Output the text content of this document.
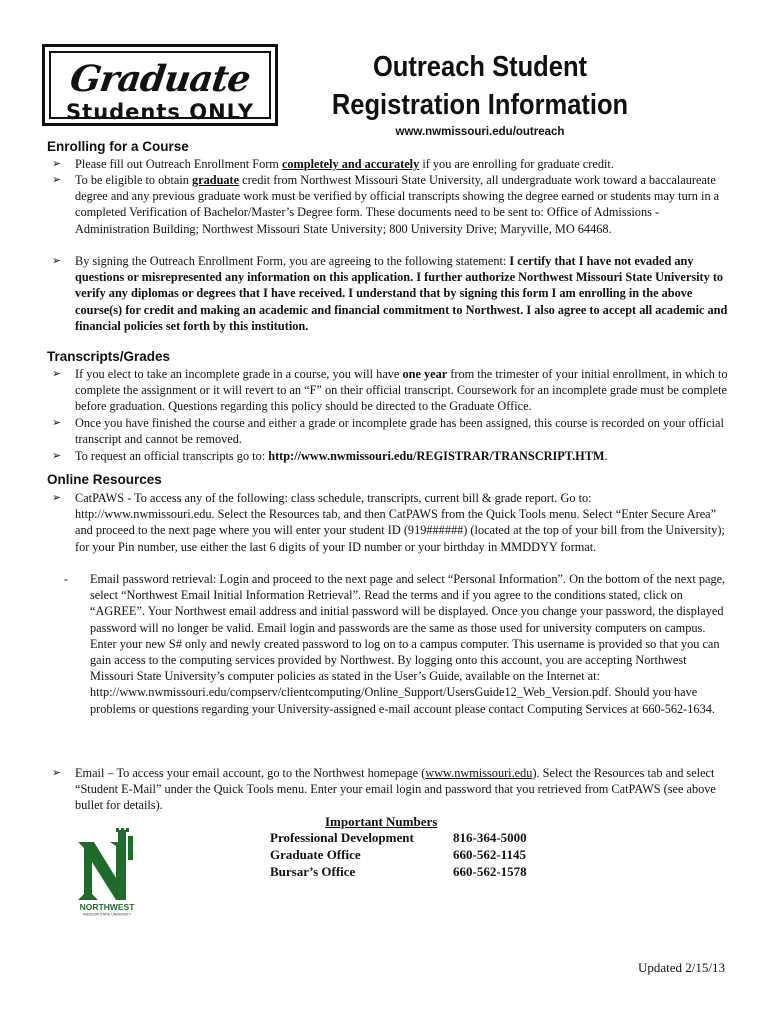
Graduate
Students ONLY
Outreach Student
Registration Information
www.nwmissouri.edu/outreach
Enrolling for a Course
➢ Please fill out Outreach Enrollment Form completely and accurately if you are enrolling for graduate credit.
➢ To be eligible to obtain graduate credit from Northwest Missouri State University, all undergraduate work toward a baccalaureate degree and any previous graduate work must be verified by official transcripts showing the degree earned or students may turn in a completed Verification of Bachelor/Master’s Degree form. These documents need to be sent to: Office of Admissions - Administration Building; Northwest Missouri State University; 800 University Drive; Maryville, MO 64468.
➢ By signing the Outreach Enrollment Form, you are agreeing to the following statement: I certify that I have not evaded any questions or misrepresented any information on this application. I further authorize Northwest Missouri State University to verify any diplomas or degrees that I have received. I understand that by signing this form I am enrolling in the above course(s) for credit and making an academic and financial commitment to Northwest. I also agree to accept all academic and financial policies set forth by this institution.
Transcripts/Grades
➢ If you elect to take an incomplete grade in a course, you will have one year from the trimester of your initial enrollment, in which to complete the assignment or it will revert to an “F” on their official transcript. Coursework for an incomplete grade must be complete before graduation. Questions regarding this policy should be directed to the Graduate Office.
➢ Once you have finished the course and either a grade or incomplete grade has been assigned, this course is recorded on your official transcript and cannot be removed.
➢ To request an official transcripts go to: http://www.nwmissouri.edu/REGISTRAR/TRANSCRIPT.HTM.
Online Resources
➢ CatPAWS - To access any of the following: class schedule, transcripts, current bill & grade report. Go to: http://www.nwmissouri.edu. Select the Resources tab, and then CatPAWS from the Quick Tools menu. Select “Enter Secure Area” and proceed to the next page where you will enter your student ID (919######) (located at the top of your bill from the University); for your Pin number, use either the last 6 digits of your ID number or your birthday in MMDDYY format.
- Email password retrieval: Login and proceed to the next page and select “Personal Information”. On the bottom of the next page, select “Northwest Email Initial Information Retrieval”. Read the terms and if you agree to the conditions stated, click on “AGREE”. Your Northwest email address and initial password will be displayed. Once you change your password, the displayed password will no longer be valid. Email login and passwords are the same as those used for university computers on campus. Enter your new S# only and newly created password to log on to a campus computer. This username is provided so that you can gain access to the computing services provided by Northwest. By logging onto this account, you are accepting Northwest Missouri State University’s computer policies as stated in the User’s Guide, available on the Internet at: http://www.nwmissouri.edu/compserv/clientcomputing/Online_Support/UsersGuide12_Web_Version.pdf. Should you have problems or questions regarding your University-assigned e-mail account please contact Computing Services at 660-562-1634.
➢ Email – To access your email account, go to the Northwest homepage (www.nwmissouri.edu). Select the Resources tab and select “Student E-Mail” under the Quick Tools menu. Enter your email login and password that you retrieved from CatPAWS (see above bullet for details).
Important Numbers
Professional Development	816-364-5000
Graduate Office	660-562-1145
Bursar’s Office	660-562-1578
NORTHWEST
MISSOURI STATE UNIVERSITY
Updated 2/15/13
